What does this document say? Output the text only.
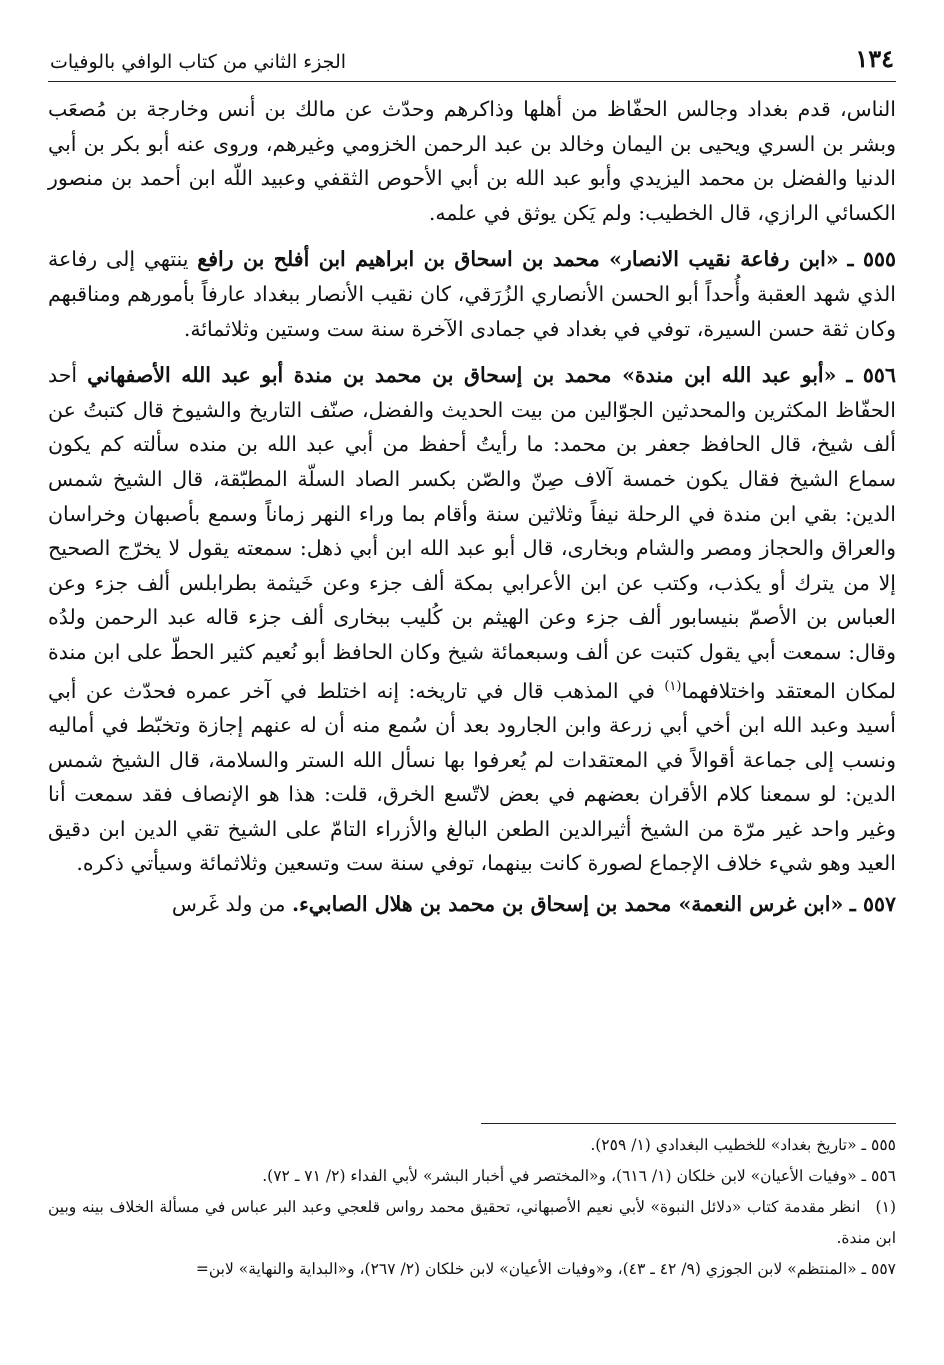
١٣٤
الجزء الثاني من كتاب الوافي بالوفيات

الناس، قدم بغداد وجالس الحفّاظ من أهلها وذاكرهم وحدّث عن مالك بن أنس وخارجة بن مُصعَب وبشر بن السري ويحيى بن اليمان وخالد بن عبد الرحمن الخزومي وغيرهم، وروى عنه أبو بكر بن أبي الدنيا والفضل بن محمد اليزيدي وأبو عبد الله بن أبي الأحوص الثقفي وعبيد اللّه ابن أحمد بن منصور الكسائي الرازي، قال الخطيب: ولم يَكن يوثق في علمه.

٥٥٥ ـ «ابن رفاعة نقيب الانصار» محمد بن اسحاق بن ابراهيم ابن أفلح بن رافع ينتهي إلى رفاعة الذي شهد العقبة وأُحداً أبو الحسن الأنصاري الزُرَقي، كان نقيب الأنصار ببغداد عارفاً بأمورهم ومناقبهم وكان ثقة حسن السيرة، توفي في بغداد في جمادى الآخرة سنة ست وستين وثلاثمائة.

٥٥٦ ـ «أبو عبد الله ابن مندة» محمد بن إسحاق بن محمد بن مندة أبو عبد الله الأصفهاني أحد الحفّاظ المكثرين والمحدثين الجوّالين من بيت الحديث والفضل، صنّف التاريخ والشيوخ قال كتبتُ عن ألف شيخ، قال الحافظ جعفر بن محمد: ما رأيتُ أحفظ من أبي عبد الله بن منده سألته كم يكون سماع الشيخ فقال يكون خمسة آلاف صِنّ والصّن بكسر الصاد السلّة المطبّقة، قال الشيخ شمس الدين: بقي ابن مندة في الرحلة نيفاً وثلاثين سنة وأقام بما وراء النهر زماناً وسمع بأصبهان وخراسان والعراق والحجاز ومصر والشام وبخارى، قال أبو عبد الله ابن أبي ذهل: سمعته يقول لا يخرّج الصحيح إلا من يترك أو يكذب، وكتب عن ابن الأعرابي بمكة ألف جزء وعن خَيثمة بطرابلس ألف جزء وعن العباس بن الأصمّ بنيسابور ألف جزء وعن الهيثم بن كُليب ببخارى ألف جزء قاله عبد الرحمن ولدُه وقال: سمعت أبي يقول كتبت عن ألف وسبعمائة شيخ وكان الحافظ أبو نُعيم كثير الحطّ على ابن مندة لمكان المعتقد واختلافهما$^{(١)}$ في المذهب قال في تاريخه: إنه اختلط في آخر عمره فحدّث عن أبي أسيد وعبد الله ابن أخي أبي زرعة وابن الجارود بعد أن سُمع منه أن له عنهم إجازة وتخبّط في أماليه ونسب إلى جماعة أقوالاً في المعتقدات لم يُعرفوا بها نسأل الله الستر والسلامة، قال الشيخ شمس الدين: لو سمعنا كلام الأقران بعضهم في بعض لاتّسع الخرق، قلت: هذا هو الإنصاف فقد سمعت أنا وغير واحد غير مرّة من الشيخ أثيرالدين الطعن البالغ والأزراء التامّ على الشيخ تقي الدين ابن دقيق العيد وهو شيء خلاف الإجماع لصورة كانت بينهما، توفي سنة ست وتسعين وثلاثمائة وسيأتي ذكره.

٥٥٧ ـ «ابن غرس النعمة» محمد بن إسحاق بن محمد بن هلال الصابيء. من ولد غَرس

٥٥٥ ـ «تاريخ بغداد» للخطيب البغدادي (١/ ٢٥٩).

٥٥٦ ـ «وفيات الأعيان» لابن خلكان (١/ ٦١٦)، و«المختصر في أخبار البشر» لأبي الفداء (٢/ ٧١ ـ ٧٢).

(١) انظر مقدمة كتاب «دلائل النبوة» لأبي نعيم الأصبهاني، تحقيق محمد رواس قلعجي وعبد البر عباس في مسألة الخلاف بينه وبين ابن مندة.

٥٥٧ ـ «المنتظم» لابن الجوزي (٩/ ٤٢ ـ ٤٣)، و«وفيات الأعيان» لابن خلكان (٢/ ٢٦٧)، و«البداية والنهاية» لابن=
